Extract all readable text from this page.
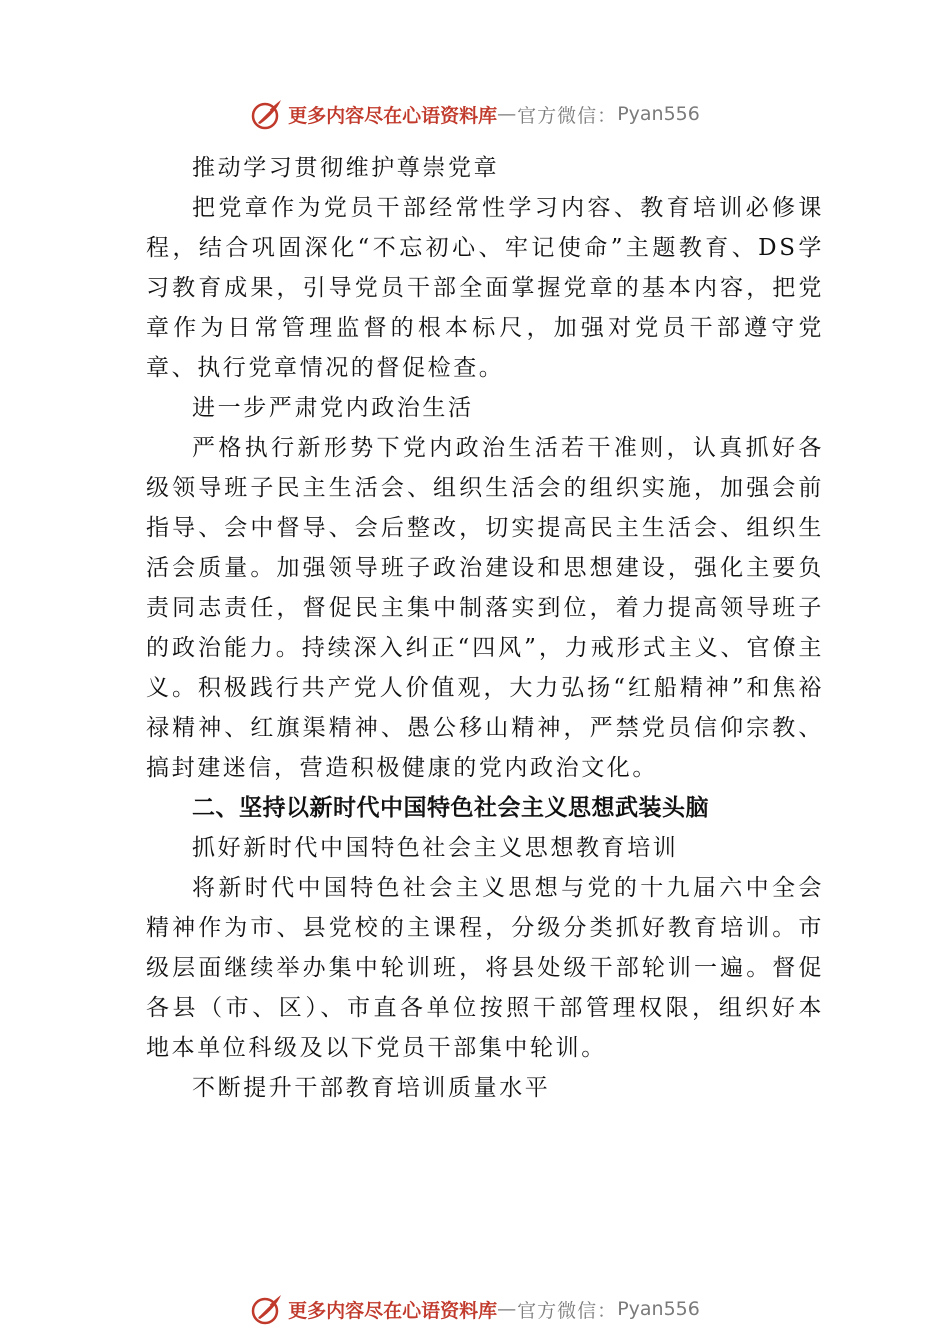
更多内容尽在心语资料库 — 官方微信： Pyan556

推动学习贯彻维护尊崇党章

把党章作为党员干部经常性学习内容、教育培训必修课程，结合巩固深化“不忘初心、牢记使命”主题教育、DS学习教育成果，引导党员干部全面掌握党章的基本内容，把党 章作为日常管理监督的根本标尺，加强对党员干部遵守党章、执行党章情况的督促检查。

进一步严肃党内政治生活

严格执行新形势下党内政治生活若干准则，认真抓好各级领导班子民主生活会、组织生活会的组织实施，加强会前指导、会中督导、会后整改，切实提高民主生活会、组织生活会质量。加强领导班子政治建设和思想建设，强化主要负责同志责任，督促民主集中制落实到位，着力提高领导班子的政治能力。持续深入纠正“四风”，力戒形式主义、官僚主义。积极践行共产党人价值观，大力弘扬“红船精神”和焦裕禄精神、红旗渠精神、愚公移山精神，严禁党员信仰宗教、搞封建迷信，营造积极健康的党内政治文化。

二、坚持以新时代中国特色社会主义思想武装头脑

抓好新时代中国特色社会主义思想教育培训

将新时代中国特色社会主义思想与党的十九届六中全会精神作为市、县党校的主课程，分级分类抓好教育培训。市级层面继续举办集中轮训班，将县处级干部轮训一遍。督促各县（市、区）、市直各单位按照干部管理权限，组织好本地本单位科级及以下党员干部集中轮训。

不断提升干部教育培训质量水平

更多内容尽在心语资料库 — 官方微信： Pyan556
